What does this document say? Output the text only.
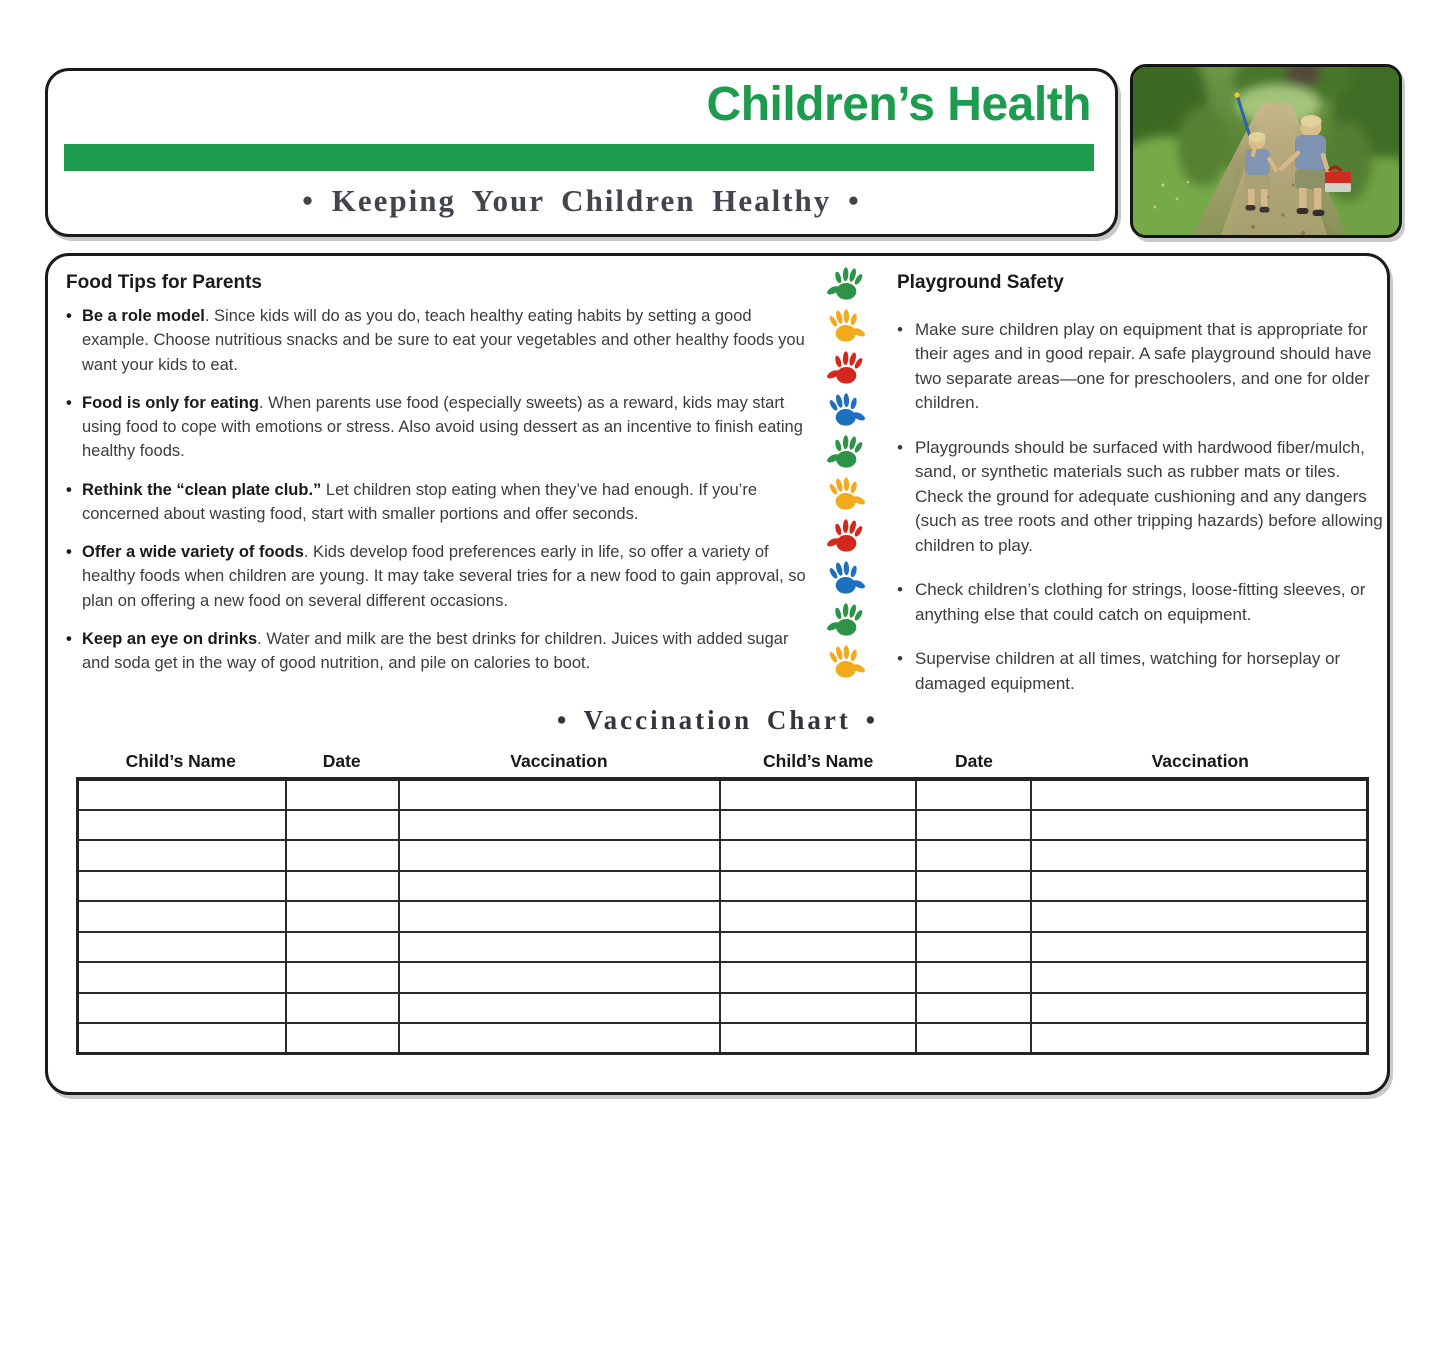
Children’s Health
• Keeping Your Children Healthy •
Food Tips for Parents
• Be a role model. Since kids will do as you do, teach healthy eating habits by setting a good example. Choose nutritious snacks and be sure to eat your vegetables and other healthy foods you want your kids to eat.
• Food is only for eating. When parents use food (especially sweets) as a reward, kids may start using food to cope with emotions or stress. Also avoid using dessert as an incentive to finish eating healthy foods.
• Rethink the “clean plate club.” Let children stop eating when they’ve had enough. If you’re concerned about wasting food, start with smaller portions and offer seconds.
• Offer a wide variety of foods. Kids develop food preferences early in life, so offer a variety of healthy foods when children are young. It may take several tries for a new food to gain approval, so plan on offering a new food on several different occasions.
• Keep an eye on drinks. Water and milk are the best drinks for children. Juices with added sugar and soda get in the way of good nutrition, and pile on calories to boot.
Playground Safety
• Make sure children play on equipment that is appropriate for their ages and in good repair. A safe playground should have two separate areas—one for preschoolers, and one for older children.
• Playgrounds should be surfaced with hardwood fiber/mulch, sand, or synthetic materials such as rubber mats or tiles. Check the ground for adequate cushioning and any dangers (such as tree roots and other tripping hazards) before allowing children to play.
• Check children’s clothing for strings, loose-fitting sleeves, or anything else that could catch on equipment.
• Supervise children at all times, watching for horseplay or damaged equipment.
• Vaccination Chart •
Child’s Name	Date	Vaccination	Child’s Name	Date	Vaccination
